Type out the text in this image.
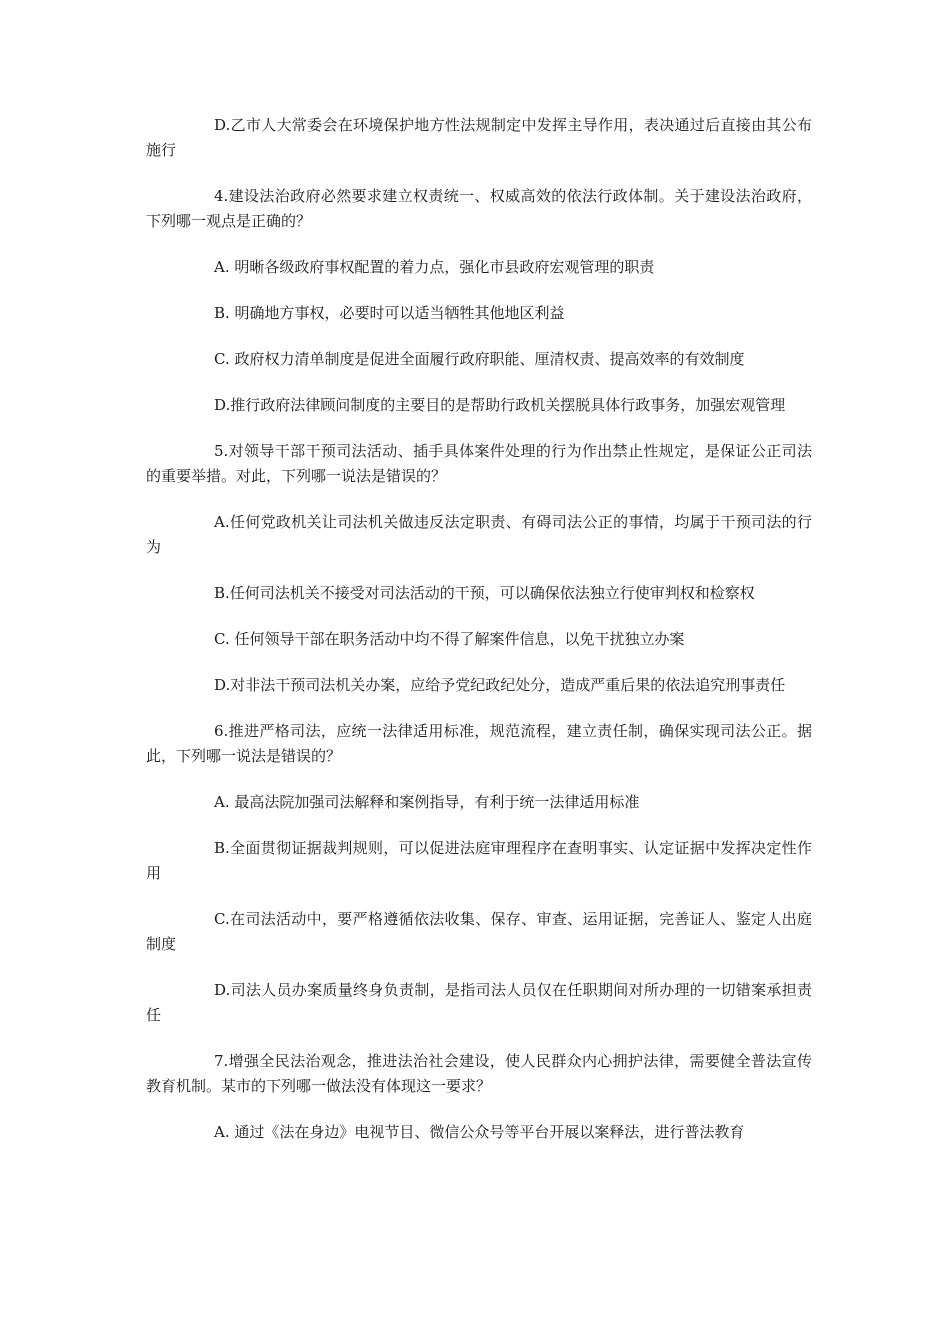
D.乙市人大常委会在环境保护地方性法规制定中发挥主导作用，表决通过后直接由其公布施行

4.建设法治政府必然要求建立权责统一、权威高效的依法行政体制。关于建设法治政府，下列哪一观点是正确的？

A. 明晰各级政府事权配置的着力点，强化市县政府宏观管理的职责

B. 明确地方事权，必要时可以适当牺牲其他地区利益

C. 政府权力清单制度是促进全面履行政府职能、厘清权责、提高效率的有效制度

D.推行政府法律顾问制度的主要目的是帮助行政机关摆脱具体行政事务，加强宏观管理

5.对领导干部干预司法活动、插手具体案件处理的行为作出禁止性规定，是保证公正司法的重要举措。对此，下列哪一说法是错误的？

A.任何党政机关让司法机关做违反法定职责、有碍司法公正的事情，均属于干预司法的行为

B.任何司法机关不接受对司法活动的干预，可以确保依法独立行使审判权和检察权

C. 任何领导干部在职务活动中均不得了解案件信息，以免干扰独立办案

D.对非法干预司法机关办案，应给予党纪政纪处分，造成严重后果的依法追究刑事责任

6.推进严格司法，应统一法律适用标准，规范流程，建立责任制，确保实现司法公正。据此，下列哪一说法是错误的？

A. 最高法院加强司法解释和案例指导，有利于统一法律适用标准

B.全面贯彻证据裁判规则，可以促进法庭审理程序在查明事实、认定证据中发挥决定性作用

C.在司法活动中，要严格遵循依法收集、保存、审查、运用证据，完善证人、鉴定人出庭制度

D.司法人员办案质量终身负责制，是指司法人员仅在任职期间对所办理的一切错案承担责任

7.增强全民法治观念，推进法治社会建设，使人民群众内心拥护法律，需要健全普法宣传教育机制。某市的下列哪一做法没有体现这一要求？

A. 通过《法在身边》电视节目、微信公众号等平台开展以案释法，进行普法教育
